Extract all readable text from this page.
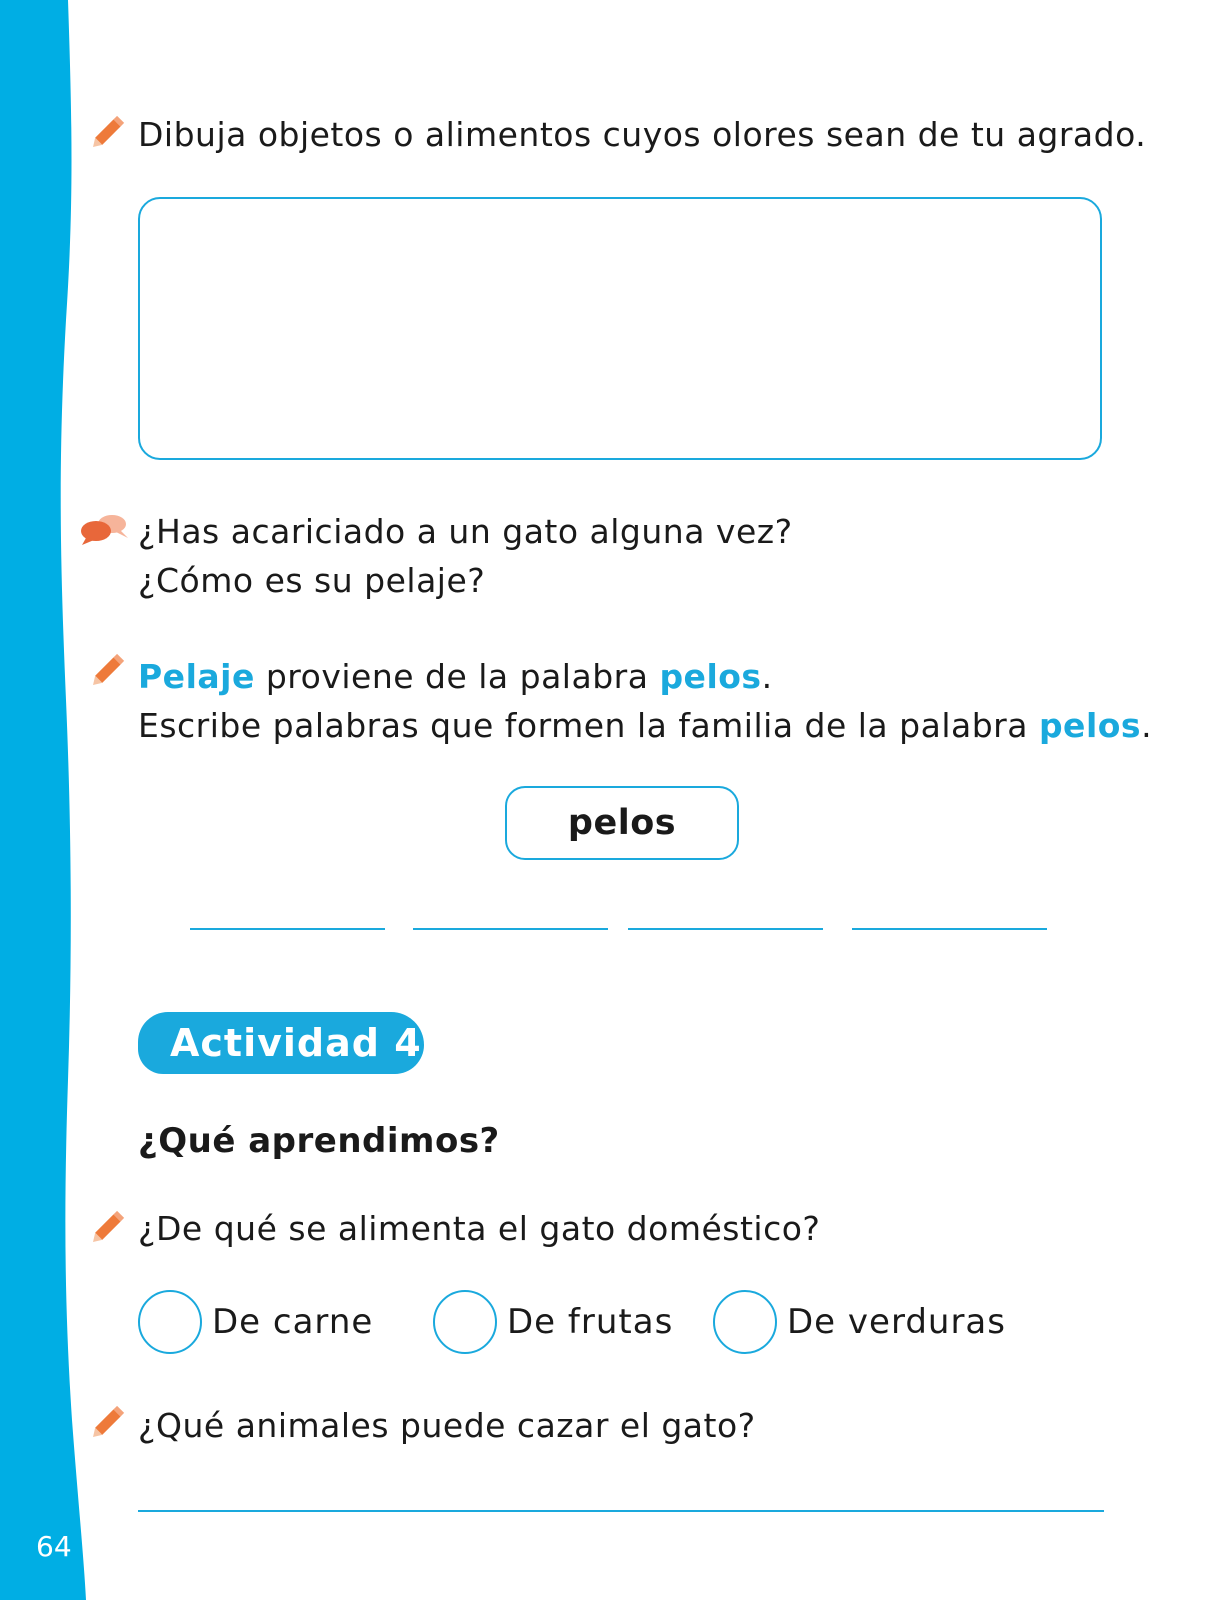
64
Dibuja objetos o alimentos cuyos olores sean de tu agrado.
¿Has acariciado a un gato alguna vez?
¿Cómo es su pelaje?
Pelaje proviene de la palabra pelos.
Escribe palabras que formen la familia de la palabra pelos.
pelos
Actividad 4
¿Qué aprendimos?
¿De qué se alimenta el gato doméstico?
De carne	De frutas	De verduras
¿Qué animales puede cazar el gato?
